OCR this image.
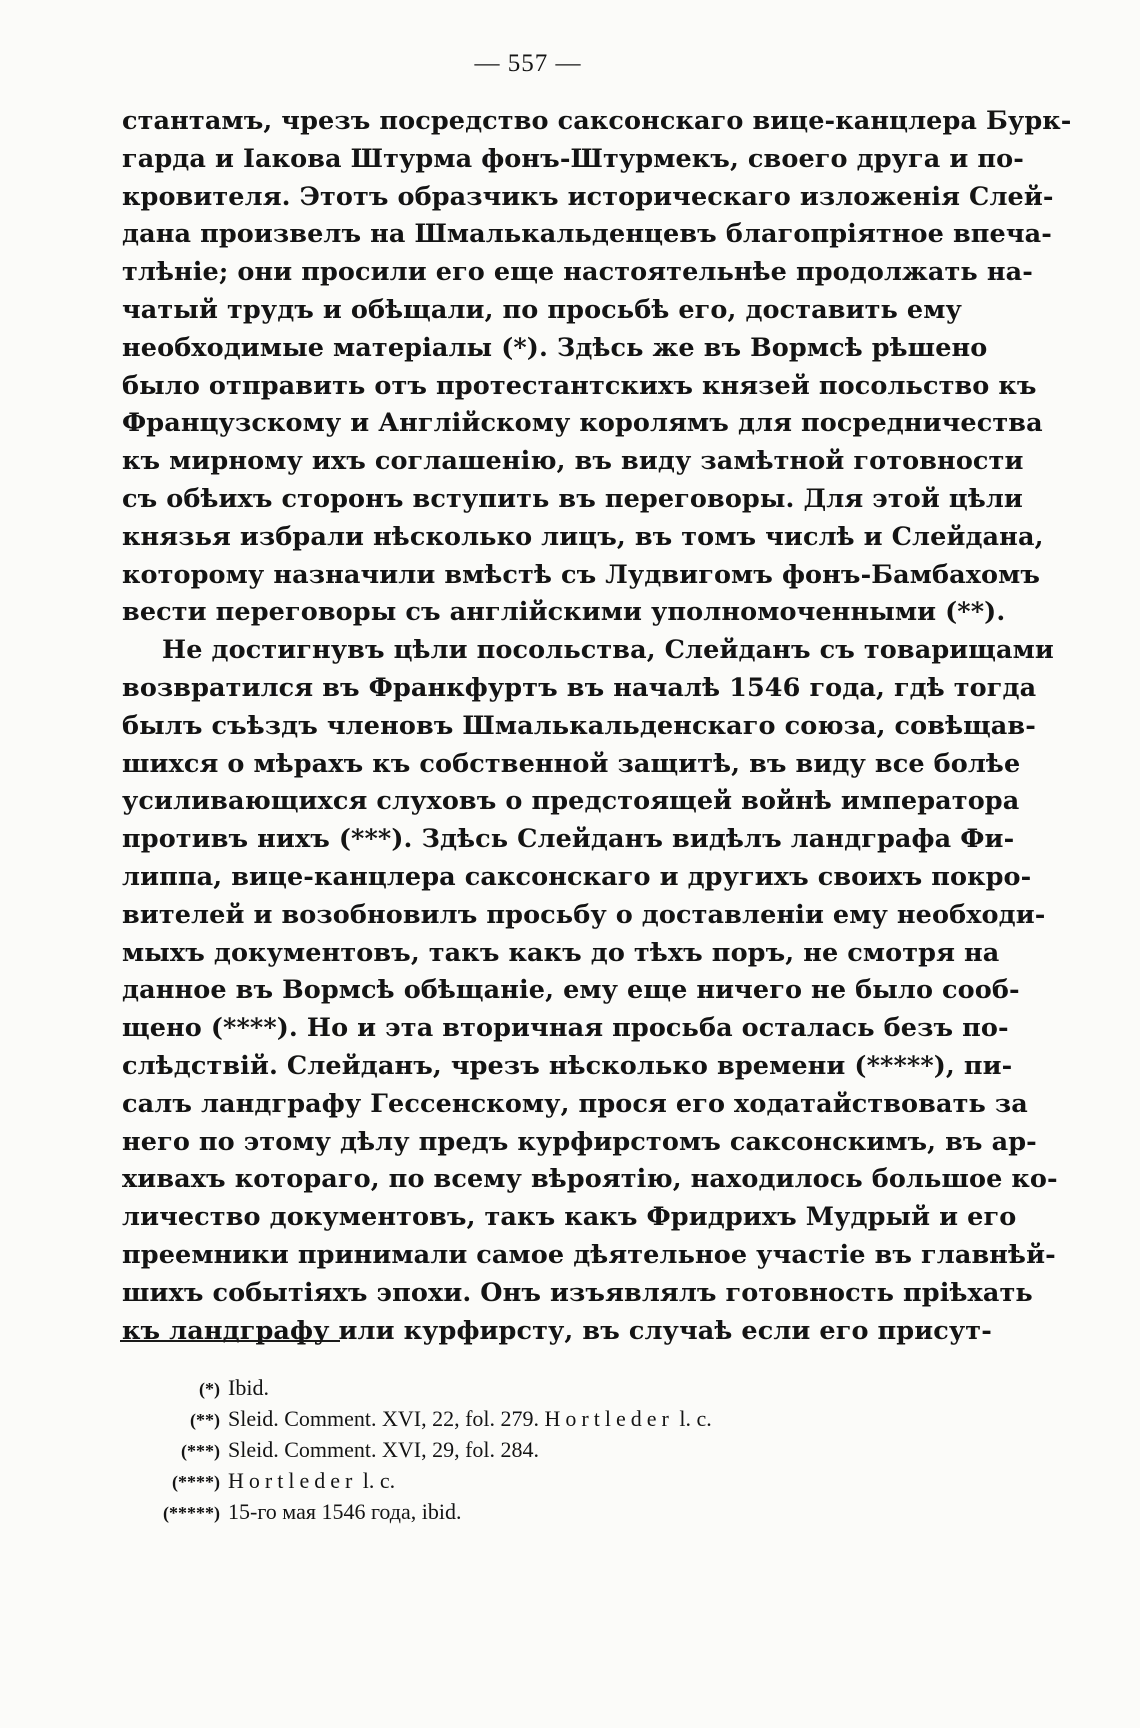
— 557 —
стантамъ, чрезъ посредство саксонскаго вице-канцлера Бурк-
гарда и Іакова Штурма фонъ-Штурмекъ, своего друга и по-
кровителя. Этотъ образчикъ историческаго изложенія Слей-
дана произвелъ на Шмалькальденцевъ благопріятное впеча-
тлѣніе; они просили его еще настоятельнѣе продолжать на-
чатый трудъ и обѣщали, по просьбѣ его, доставить ему
необходимые матеріалы (*). Здѣсь же въ Вормсѣ рѣшено
было отправить отъ протестантскихъ князей посольство къ
Французскому и Англійскому королямъ для посредничества
къ мирному ихъ соглашенію, въ виду замѣтной готовности
съ обѣихъ сторонъ вступить въ переговоры. Для этой цѣли
князья избрали нѣсколько лицъ, въ томъ числѣ и Слейдана,
которому назначили вмѣстѣ съ Лудвигомъ фонъ-Бамбахомъ
вести переговоры съ англійскими уполномоченными (**).
Не достигнувъ цѣли посольства, Слейданъ съ товарищами
возвратился въ Франкфуртъ въ началѣ 1546 года, гдѣ тогда
былъ съѣздъ членовъ Шмалькальденскаго союза, совѣщав-
шихся о мѣрахъ къ собственной защитѣ, въ виду все болѣе
усиливающихся слуховъ о предстоящей войнѣ императора
противъ нихъ (***). Здѣсь Слейданъ видѣлъ ландграфа Фи-
липпа, вице-канцлера саксонскаго и другихъ своихъ покро-
вителей и возобновилъ просьбу о доставленіи ему необходи-
мыхъ документовъ, такъ какъ до тѣхъ поръ, не смотря на
данное въ Вормсѣ обѣщаніе, ему еще ничего не было сооб-
щено (****). Но и эта вторичная просьба осталась безъ по-
слѣдствій. Слейданъ, чрезъ нѣсколько времени (*****), пи-
салъ ландграфу Гессенскому, прося его ходатайствовать за
него по этому дѣлу предъ курфирстомъ саксонскимъ, въ ар-
хивахъ котораго, по всему вѣроятію, находилось большое ко-
личество документовъ, такъ какъ Фридрихъ Мудрый и его
преемники принимали самое дѣятельное участіе въ главнѣй-
шихъ событіяхъ эпохи. Онъ изъявлялъ готовность пріѣхать
къ ландграфу или курфирсту, въ случаѣ если его присут-
(*) Ibid.
(**) Sleid. Comment. XVI, 22, fol. 279. Hortleder l. c.
(***) Sleid. Comment. XVI, 29, fol. 284.
(****) Hortleder l. c.
(*****) 15-го мая 1546 года, ibid.
